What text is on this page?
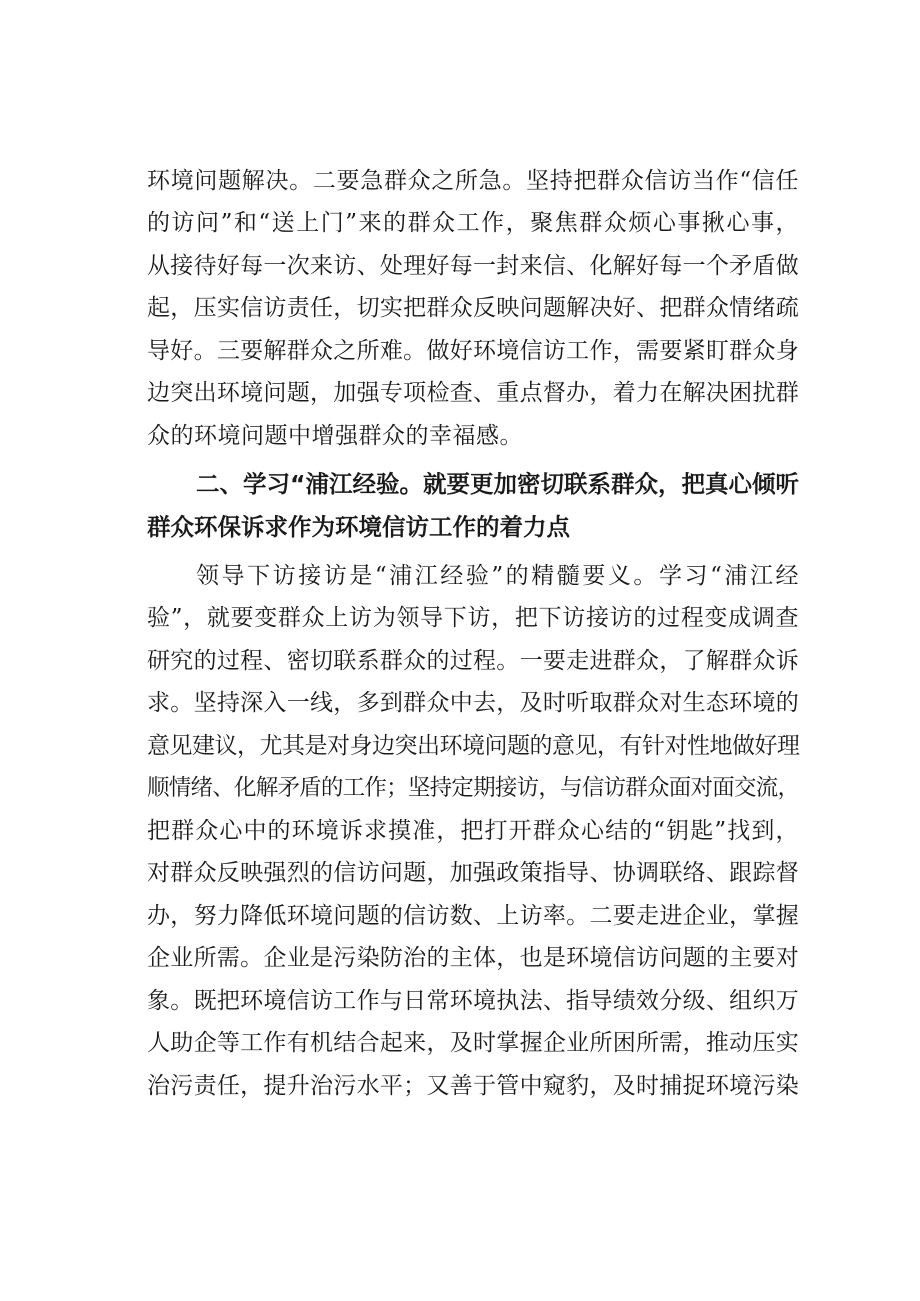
环境问题解决。二要急群众之所急。坚持把群众信访当作“信任
的访问”和“送上门”来的群众工作，聚焦群众烦心事揪心事，
从接待好每一次来访、处理好每一封来信、化解好每一个矛盾做
起，压实信访责任，切实把群众反映问题解决好、把群众情绪疏
导好。三要解群众之所难。做好环境信访工作，需要紧盯群众身
边突出环境问题，加强专项检查、重点督办，着力在解决困扰群
众的环境问题中增强群众的幸福感。
二、学习“浦江经验。就要更加密切联系群众，把真心倾听
群众环保诉求作为环境信访工作的着力点
领导下访接访是“浦江经验”的精髓要义。学习“浦江经
验”，就要变群众上访为领导下访，把下访接访的过程变成调查
研究的过程、密切联系群众的过程。一要走进群众，了解群众诉
求。坚持深入一线，多到群众中去，及时听取群众对生态环境的
意见建议，尤其是对身边突出环境问题的意见，有针对性地做好理
顺情绪、化解矛盾的工作；坚持定期接访，与信访群众面对面交流，
把群众心中的环境诉求摸准，把打开群众心结的“钥匙”找到，
对群众反映强烈的信访问题，加强政策指导、协调联络、跟踪督
办，努力降低环境问题的信访数、上访率。二要走进企业，掌握
企业所需。企业是污染防治的主体，也是环境信访问题的主要对
象。既把环境信访工作与日常环境执法、指导绩效分级、组织万
人助企等工作有机结合起来，及时掌握企业所困所需，推动压实
治污责任，提升治污水平；又善于管中窥豹，及时捕捉环境污染
